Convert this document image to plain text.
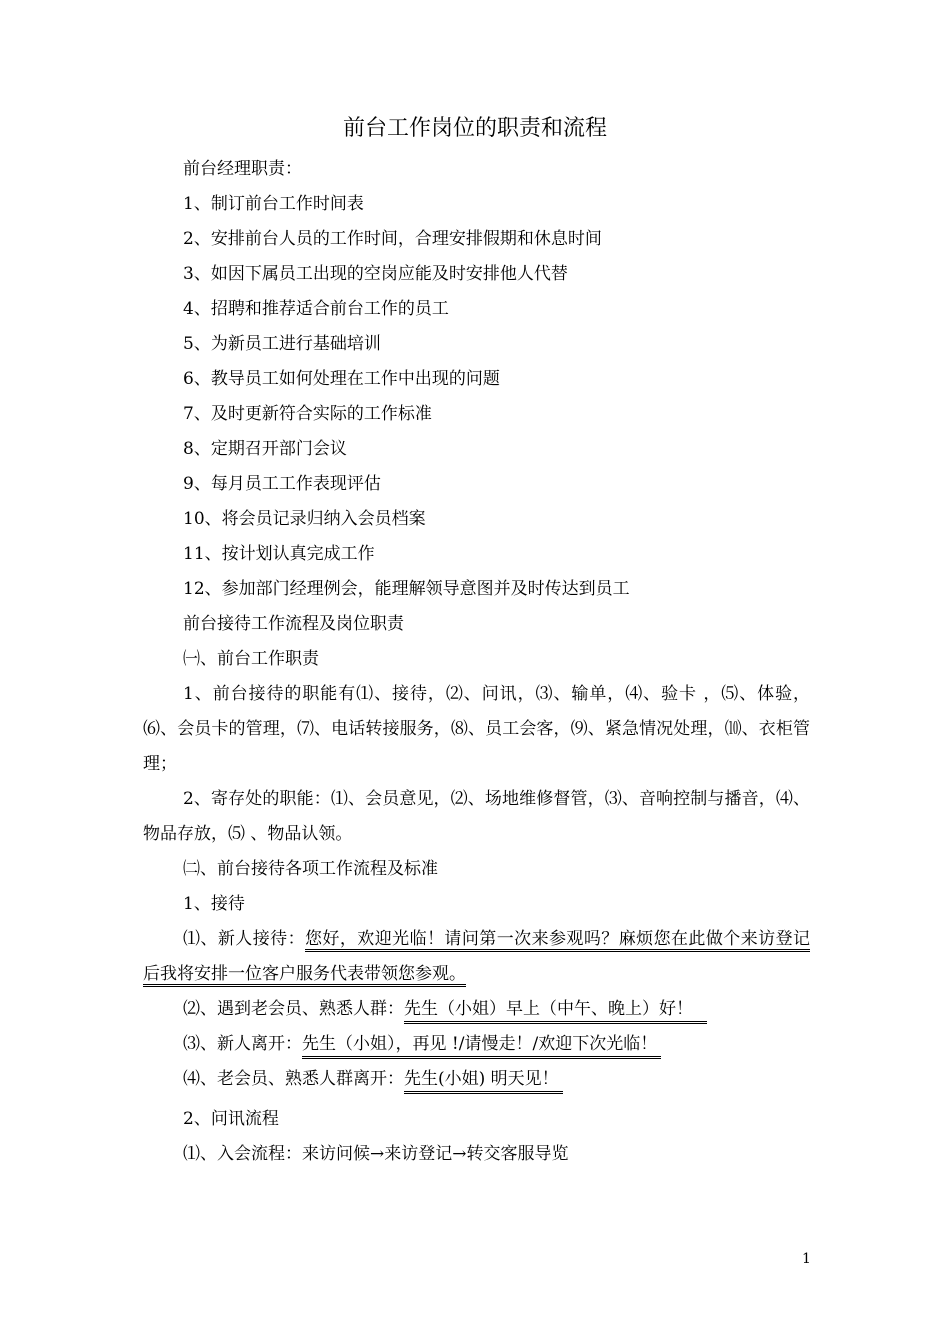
前台工作岗位的职责和流程
前台经理职责：
1、制订前台工作时间表
2、安排前台人员的工作时间，合理安排假期和休息时间
3、如因下属员工出现的空岗应能及时安排他人代替
4、招聘和推荐适合前台工作的员工
5、为新员工进行基础培训
6、教导员工如何处理在工作中出现的问题
7、及时更新符合实际的工作标准
8、定期召开部门会议
9、每月员工工作表现评估
10、将会员记录归纳入会员档案
11、按计划认真完成工作
12、参加部门经理例会，能理解领导意图并及时传达到员工
前台接待工作流程及岗位职责
㈠、前台工作职责

1、前台接待的职能有⑴、接待，⑵、问讯，⑶、输单，⑷、验卡 ，⑸、体验， ⑹、会员卡的管理，⑺、电话转接服务，⑻、员工会客，⑼、紧急情况处理，⑽、衣柜管理；

2、寄存处的职能：⑴、会员意见，⑵、场地维修督管，⑶、音响控制与播音，⑷、物品存放，⑸ 、物品认领。

㈡、前台接待各项工作流程及标准
1、接待

⑴、新人接待：您好，欢迎光临！请问第一次来参观吗？麻烦您在此做个来访登记后我将安排一位客户服务代表带领您参观。

⑵、遇到老会员、熟悉人群：先生（小姐）早上（中午、晚上）好！
⑶、新人离开：先生（小姐），再见 !/请慢走！/欢迎下次光临！
⑷、老会员、熟悉人群离开：先生(小姐) 明天见！
2、问讯流程
⑴、入会流程：来访问候→来访登记→转交客服导览
1
